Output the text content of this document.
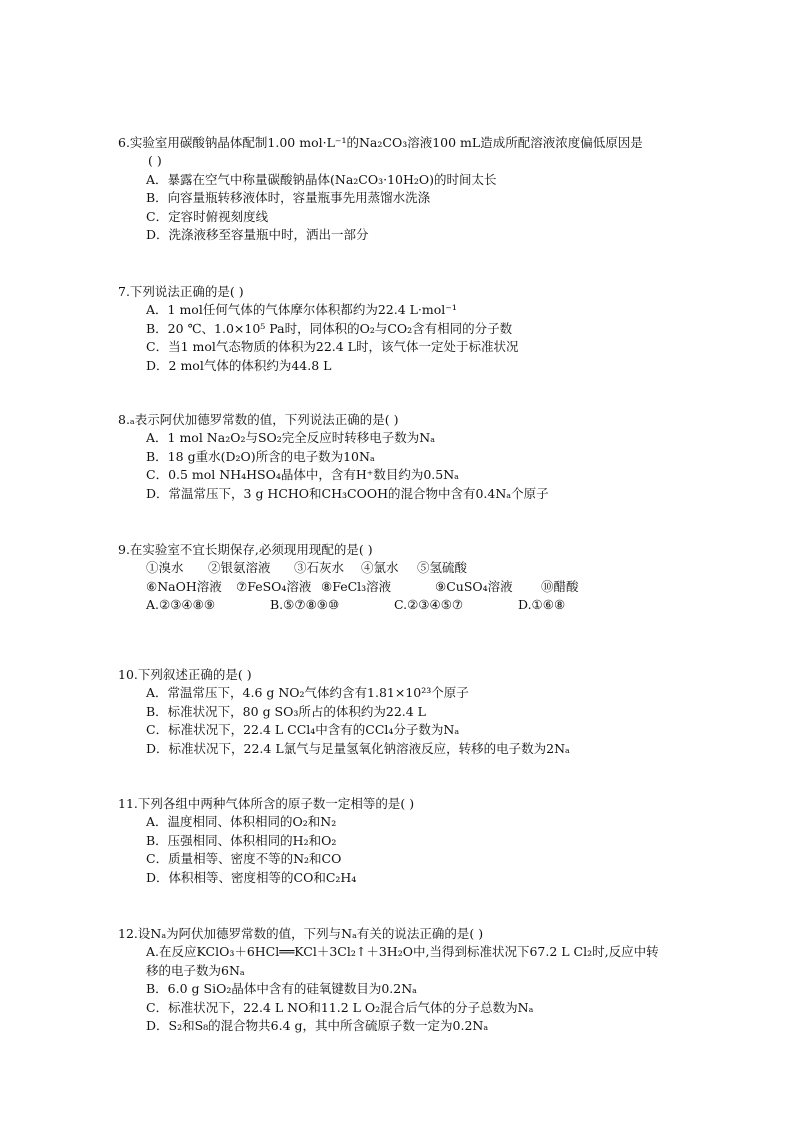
6.实验室用碳酸钠晶体配制1.00 mol·L⁻¹的Na₂CO₃溶液100 mL造成所配溶液浓度偏低原因是
( )
A．暴露在空气中称量碳酸钠晶体(Na₂CO₃·10H₂O)的时间太长
B．向容量瓶转移液体时，容量瓶事先用蒸馏水洗涤
C．定容时俯视刻度线
D．洗涤液移至容量瓶中时，洒出一部分
7.下列说法正确的是( )
A．1 mol任何气体的气体摩尔体积都约为22.4 L·mol⁻¹
B．20 ℃、1.0×10⁵ Pa时，同体积的O₂与CO₂含有相同的分子数
C．当1 mol气态物质的体积为22.4 L时，该气体一定处于标准状况
D．2 mol气体的体积约为44.8 L
8.ₐ表示阿伏加德罗常数的值，下列说法正确的是( )
A．1 mol Na₂O₂与SO₂完全反应时转移电子数为Nₐ
B．18 g重水(D₂O)所含的电子数为10Nₐ
C．0.5 mol NH₄HSO₄晶体中，含有H⁺数目约为0.5Nₐ
D．常温常压下，3 g HCHO和CH₃COOH的混合物中含有0.4Nₐ个原子
9.在实验室不宜长期保存,必须现用现配的是( )
①溴水	②银氨溶液	③石灰水	④氯水	⑤氢硫酸
⑥NaOH溶液	⑦FeSO₄溶液 ⑧FeCl₃溶液	⑨CuSO₄溶液	⑩醋酸
A.②③④⑧⑨	B.⑤⑦⑧⑨⑩	C.②③④⑤⑦	D.①⑥⑧
10.下列叙述正确的是( )
A．常温常压下，4.6 g NO₂气体约含有1.81×10²³个原子
B．标准状况下，80 g SO₃所占的体积约为22.4 L
C．标准状况下，22.4 L CCl₄中含有的CCl₄分子数为Nₐ
D．标准状况下，22.4 L氯气与足量氢氧化钠溶液反应，转移的电子数为2Nₐ
11.下列各组中两种气体所含的原子数一定相等的是( )
A．温度相同、体积相同的O₂和N₂
B．压强相同、体积相同的H₂和O₂
C．质量相等、密度不等的N₂和CO
D．体积相等、密度相等的CO和C₂H₄
12.设Nₐ为阿伏加德罗常数的值，下列与Nₐ有关的说法正确的是( )
A.在反应KClO₃＋6HCl══KCl＋3Cl₂↑＋3H₂O中,当得到标准状况下67.2 L Cl₂时,反应中转
移的电子数为6Nₐ
B．6.0 g SiO₂晶体中含有的硅氧键数目为0.2Nₐ
C．标准状况下，22.4 L NO和11.2 L O₂混合后气体的分子总数为Nₐ
D．S₂和S₈的混合物共6.4 g，其中所含硫原子数一定为0.2Nₐ
